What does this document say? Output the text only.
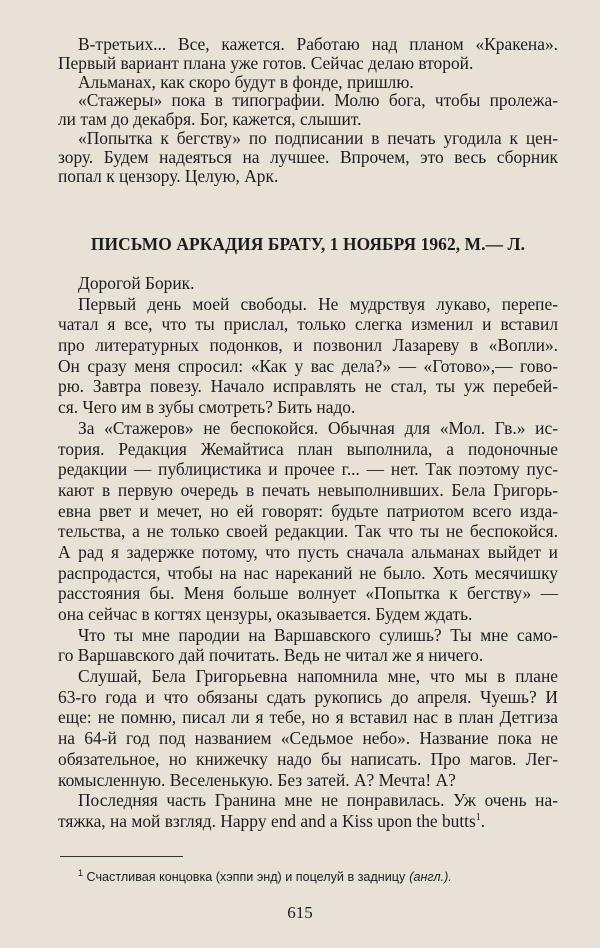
В-третьих... Все, кажется. Работаю над планом «Кракена».
Первый вариант плана уже готов. Сейчас делаю второй.
Альманах, как скоро будут в фонде, пришлю.
«Стажеры» пока в типографии. Молю бога, чтобы пролежа-
ли там до декабря. Бог, кажется, слышит.
«Попытка к бегству» по подписании в печать угодила к цен-
зору. Будем надеяться на лучшее. Впрочем, это весь сборник
попал к цензору. Целую, Арк.
ПИСЬМО АРКАДИЯ БРАТУ, 1 НОЯБРЯ 1962, М.— Л.
Дорогой Борик.
Первый день моей свободы. Не мудрствуя лукаво, перепе-
чатал я все, что ты прислал, только слегка изменил и вставил
про литературных подонков, и позвонил Лазареву в «Вопли».
Он сразу меня спросил: «Как у вас дела?» — «Готово»,— гово-
рю. Завтра повезу. Начало исправлять не стал, ты уж перебей-
ся. Чего им в зубы смотреть? Бить надо.
За «Стажеров» не беспокойся. Обычная для «Мол. Гв.» ис-
тория. Редакция Жемайтиса план выполнила, а подоночные
редакции — публицистика и прочее г... — нет. Так поэтому пус-
кают в первую очередь в печать невыполнивших. Бела Григорь-
евна рвет и мечет, но ей говорят: будьте патриотом всего изда-
тельства, а не только своей редакции. Так что ты не беспокойся.
А рад я задержке потому, что пусть сначала альманах выйдет и
распродастся, чтобы на нас нареканий не было. Хоть месячишку
расстояния бы. Меня больше волнует «Попытка к бегству» —
она сейчас в когтях цензуры, оказывается. Будем ждать.
Что ты мне пародии на Варшавского сулишь? Ты мне само-
го Варшавского дай почитать. Ведь не читал же я ничего.
Слушай, Бела Григорьевна напомнила мне, что мы в плане
63-го года и что обязаны сдать рукопись до апреля. Чуешь? И
еще: не помню, писал ли я тебе, но я вставил нас в план Детгиза
на 64-й год под названием «Седьмое небо». Название пока не
обязательное, но книжечку надо бы написать. Про магов. Лег-
комысленную. Веселенькую. Без затей. А? Мечта! А?
Последняя часть Гранина мне не понравилась. Уж очень на-
тяжка, на мой взгляд. Happy end and a Kiss upon the butts$^1$.
$^1$ Счастливая концовка (хэппи энд) и поцелуй в задницу (англ.).
615
